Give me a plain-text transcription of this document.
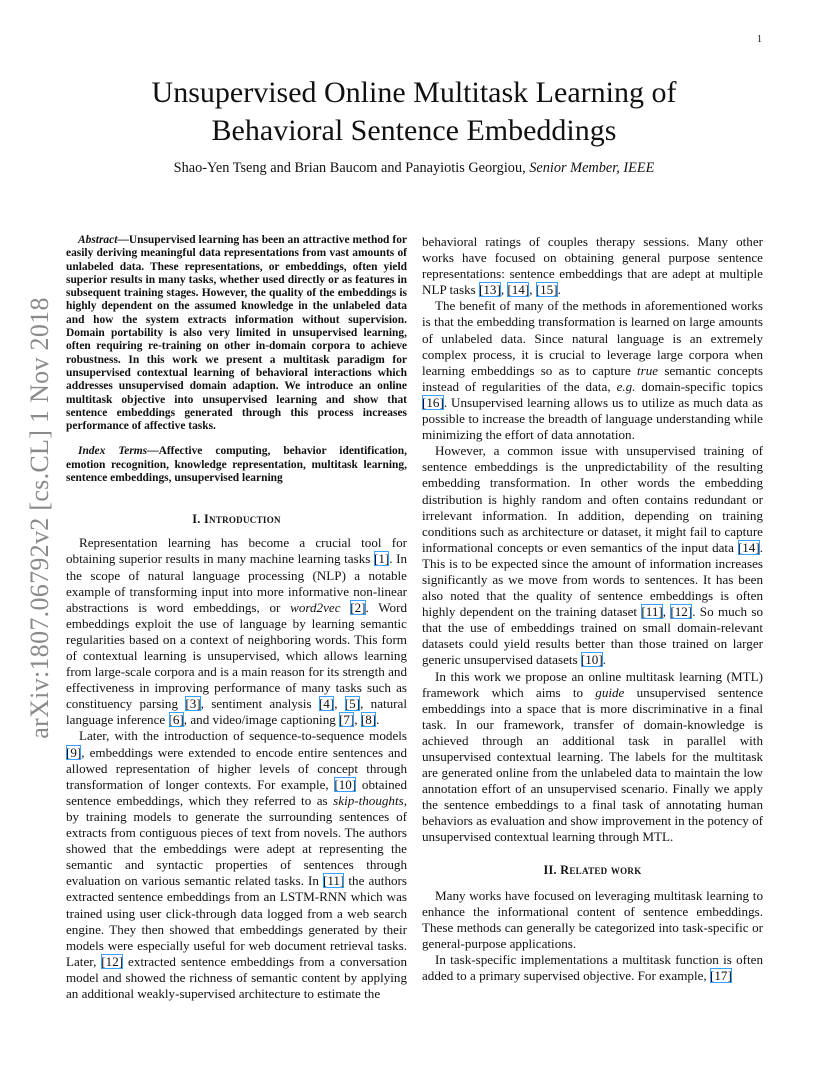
1
arXiv:1807.06792v2 [cs.CL] 1 Nov 2018
Unsupervised Online Multitask Learning of
Behavioral Sentence Embeddings
Shao-Yen Tseng and Brian Baucom and Panayiotis Georgiou, Senior Member, IEEE

Abstract—Unsupervised learning has been an attractive method for easily deriving meaningful data representations from vast amounts of unlabeled data. These representations, or embeddings, often yield superior results in many tasks, whether used directly or as features in subsequent training stages. However, the quality of the embeddings is highly dependent on the assumed knowledge in the unlabeled data and how the system extracts information without supervision. Domain portability is also very limited in unsupervised learning, often requiring re-training on other in-domain corpora to achieve robustness. In this work we present a multitask paradigm for unsupervised contextual learning of behavioral interactions which addresses unsupervised domain adaption. We introduce an online multitask objective into unsupervised learning and show that sentence embeddings generated through this process increases performance of affective tasks.

Index Terms—Affective computing, behavior identification, emotion recognition, knowledge representation, multitask learning, sentence embeddings, unsupervised learning

I. Introduction

Representation learning has become a crucial tool for obtaining superior results in many machine learning tasks [1]. In the scope of natural language processing (NLP) a notable example of transforming input into more informative non-linear abstractions is word embeddings, or word2vec [2]. Word embeddings exploit the use of language by learning semantic regularities based on a context of neighboring words. This form of contextual learning is unsupervised, which allows learning from large-scale corpora and is a main reason for its strength and effectiveness in improving performance of many tasks such as constituency parsing [3], sentiment analysis [4], [5], natural language inference [6], and video/image captioning [7], [8].

Later, with the introduction of sequence-to-sequence models [9], embeddings were extended to encode entire sentences and allowed representation of higher levels of concept through transformation of longer contexts. For example, [10] obtained sentence embeddings, which they referred to as skip-thoughts, by training models to generate the surrounding sentences of extracts from contiguous pieces of text from novels. The authors showed that the embeddings were adept at representing the semantic and syntactic properties of sentences through evaluation on various semantic related tasks. In [11] the authors extracted sentence embeddings from an LSTM-RNN which was trained using user click-through data logged from a web search engine. They then showed that embeddings generated by their models were especially useful for web document retrieval tasks. Later, [12] extracted sentence embeddings from a conversation model and showed the richness of semantic content by applying an additional weakly-supervised architecture to estimate the

behavioral ratings of couples therapy sessions. Many other works have focused on obtaining general purpose sentence representations: sentence embeddings that are adept at multiple NLP tasks [13], [14], [15].

The benefit of many of the methods in aforementioned works is that the embedding transformation is learned on large amounts of unlabeled data. Since natural language is an extremely complex process, it is crucial to leverage large corpora when learning embeddings so as to capture true semantic concepts instead of regularities of the data, e.g. domain-specific topics [16]. Unsupervised learning allows us to utilize as much data as possible to increase the breadth of language understanding while minimizing the effort of data annotation.

However, a common issue with unsupervised training of sentence embeddings is the unpredictability of the resulting embedding transformation. In other words the embedding distribution is highly random and often contains redundant or irrelevant information. In addition, depending on training conditions such as architecture or dataset, it might fail to capture informational concepts or even semantics of the input data [14]. This is to be expected since the amount of information increases significantly as we move from words to sentences. It has been also noted that the quality of sentence embeddings is often highly dependent on the training dataset [11], [12]. So much so that the use of embeddings trained on small domain-relevant datasets could yield results better than those trained on larger generic unsupervised datasets [10].

In this work we propose an online multitask learning (MTL) framework which aims to guide unsupervised sentence embeddings into a space that is more discriminative in a final task. In our framework, transfer of domain-knowledge is achieved through an additional task in parallel with unsupervised contextual learning. The labels for the multitask are generated online from the unlabeled data to maintain the low annotation effort of an unsupervised scenario. Finally we apply the sentence embeddings to a final task of annotating human behaviors as evaluation and show improvement in the potency of unsupervised contextual learning through MTL.

II. Related work

Many works have focused on leveraging multitask learning to enhance the informational content of sentence embeddings. These methods can generally be categorized into task-specific or general-purpose applications.

In task-specific implementations a multitask function is often added to a primary supervised objective. For example, [17]
